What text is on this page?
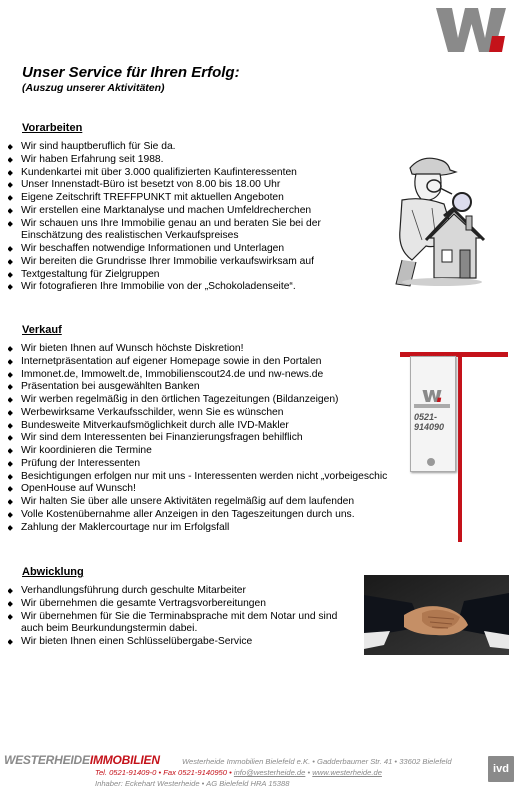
Unser Service für Ihren Erfolg:
(Auszug unserer Aktivitäten)
Vorarbeiten
Wir sind hauptberuflich für Sie da.
Wir haben Erfahrung seit 1988.
Kundenkartei mit über 3.000 qualifizierten Kaufinteressenten
Unser Innenstadt-Büro ist besetzt von 8.00 bis 18.00 Uhr
Eigene Zeitschrift TREFFPUNKT mit aktuellen Angeboten
Wir erstellen eine Marktanalyse und machen Umfeldrecherchen
Wir schauen uns Ihre Immobilie genau an und beraten Sie bei der
Einschätzung des realistischen Verkaufspreises
Wir beschaffen notwendige Informationen und Unterlagen
Wir bereiten die Grundrisse Ihrer Immobilie verkaufswirksam auf
Textgestaltung für Zielgruppen
Wir fotografieren Ihre Immobilie von der „Schokoladenseite“.
Verkauf
Wir bieten Ihnen auf Wunsch höchste Diskretion!
Internetpräsentation auf eigener Homepage sowie in den Portalen
Immonet.de, Immowelt.de, Immobilienscout24.de und nw-news.de
Präsentation bei ausgewählten Banken
Wir werben regelmäßig in den örtlichen Tagezeitungen (Bildanzeigen)
Werbewirksame Verkaufsschilder, wenn Sie es wünschen
Bundesweite Mitverkaufsmöglichkeit durch alle IVD-Makler
Wir sind dem Interessenten bei Finanzierungsfragen behilflich
Wir koordinieren die Termine
Prüfung der Interessenten
Besichtigungen erfolgen nur mit uns - Interessenten werden nicht „vorbeigeschic
OpenHouse auf Wunsch!
Wir halten Sie über alle unsere Aktivitäten regelmäßig auf dem laufenden
Volle Kostenübernahme aller Anzeigen in den Tageszeitungen durch uns.
Zahlung der Maklercourtage nur im Erfolgsfall
ZU VERKAUFEN
0521-
914090
Abwicklung
Verhandlungsführung durch geschulte Mitarbeiter
Wir übernehmen die gesamte Vertragsvorbereitungen
Wir übernehmen für Sie die Terminabsprache mit dem Notar und sind
auch beim Beurkundungstermin dabei.
Wir bieten Ihnen einen Schlüsselübergabe-Service
WESTERHEIDEIMMOBILIEN	Westerheide Immobilien Bielefeld e.K. • Gadderbaumer Str. 41 • 33602 Bielefeld
Tel. 0521-91409-0 • Fax 0521-9140950 • info@westerheide.de • www.westerheide.de
Inhaber: Eckehart Westerheide • AG Bielefeld HRA 15388
ivd
